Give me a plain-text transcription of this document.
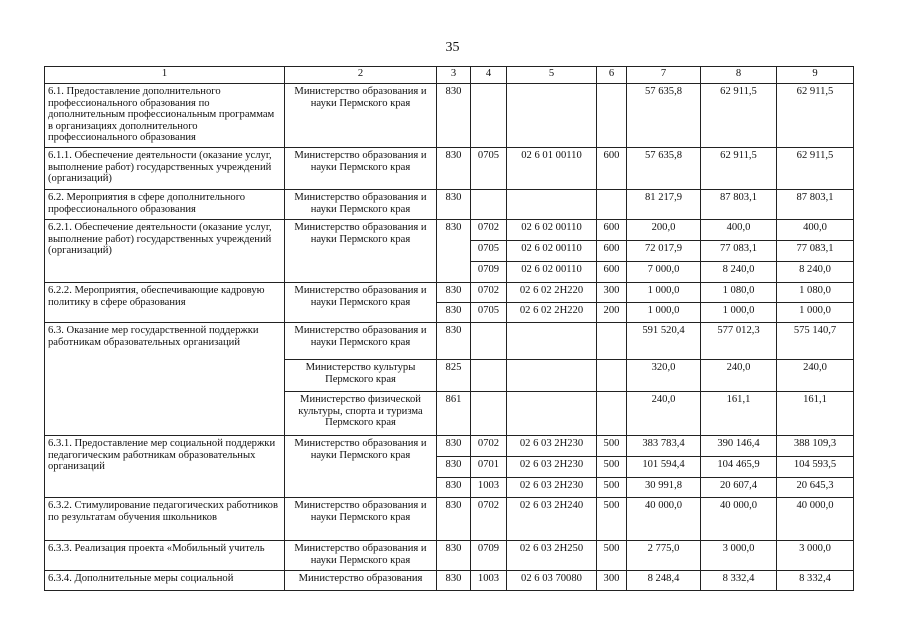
35
1	2	3	4	5	6	7	8	9
6.1. Предоставление дополнительного профессионального образования по дополнительным профессиональным программам в организациях дополнительного профессионального образования	Министерство образования и науки Пермского края	830				57 635,8	62 911,5	62 911,5
6.1.1. Обеспечение деятельности (оказание услуг, выполнение работ) государственных учреждений (организаций)	Министерство образования и науки Пермского края	830	0705	02 6 01 00110	600	57 635,8	62 911,5	62 911,5
6.2. Мероприятия в сфере дополнительного профессионального образования	Министерство образования и науки Пермского края	830				81 217,9	87 803,1	87 803,1
6.2.1. Обеспечение деятельности (оказание услуг, выполнение работ) государственных учреждений (организаций)	Министерство образования и науки Пермского края	830	0702	02 6 02 00110	600	200,0	400,0	400,0
			0705	02 6 02 00110	600	72 017,9	77 083,1	77 083,1
			0709	02 6 02 00110	600	7 000,0	8 240,0	8 240,0
6.2.2. Мероприятия, обеспечивающие кадровую политику в сфере образования	Министерство образования и науки Пермского края	830	0702	02 6 02 2Н220	300	1 000,0	1 080,0	1 080,0
		830	0705	02 6 02 2Н220	200	1 000,0	1 000,0	1 000,0
6.3. Оказание мер государственной поддержки работникам образовательных организаций	Министерство образования и науки Пермского края	830				591 520,4	577 012,3	575 140,7
	Министерство культуры Пермского края	825				320,0	240,0	240,0
	Министерство физической культуры, спорта и туризма Пермского края	861				240,0	161,1	161,1
6.3.1. Предоставление мер социальной поддержки педагогическим работникам образовательных организаций	Министерство образования и науки Пермского края	830	0702	02 6 03 2Н230	500	383 783,4	390 146,4	388 109,3
		830	0701	02 6 03 2Н230	500	101 594,4	104 465,9	104 593,5
		830	1003	02 6 03 2Н230	500	30 991,8	20 607,4	20 645,3
6.3.2. Стимулирование педагогических работников по результатам обучения школьников	Министерство образования и науки Пермского края	830	0702	02 6 03 2Н240	500	40 000,0	40 000,0	40 000,0
6.3.3. Реализация проекта «Мобильный учитель	Министерство образования и науки Пермского края	830	0709	02 6 03 2Н250	500	2 775,0	3 000,0	3 000,0
6.3.4. Дополнительные меры социальной	Министерство образования	830	1003	02 6 03 70080	300	8 248,4	8 332,4	8 332,4
